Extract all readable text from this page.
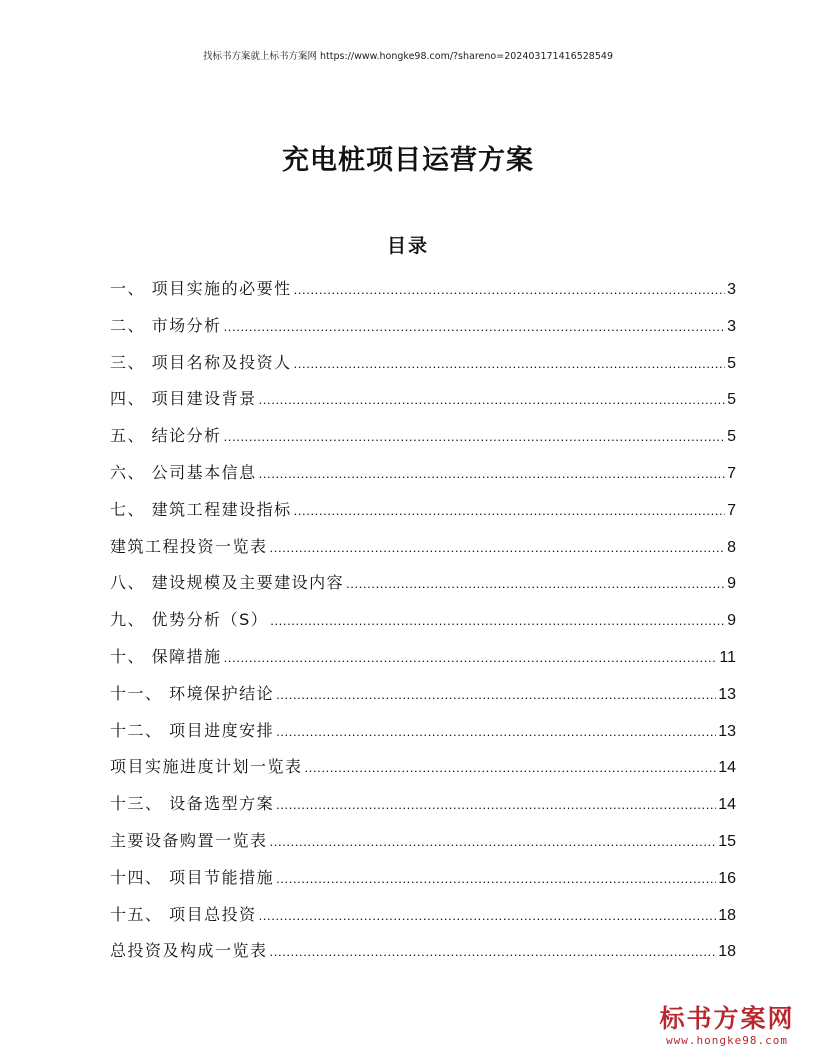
找标书方案就上标书方案网 https://www.hongke98.com/?shareno=20240317141652​8549
充电桩项目运营方案
目录
一、 项目实施的必要性 .....	3
二、 市场分析 .....	3
三、 项目名称及投资人 .....	5
四、 项目建设背景 .....	5
五、 结论分析 .....	5
六、 公司基本信息 .....	7
七、 建筑工程建设指标 .....	7
建筑工程投资一览表 .....	8
八、 建设规模及主要建设内容 .....	9
九、 优势分析（S） .....	9
十、 保障措施 .....	11
十一、 环境保护结论 .....	13
十二、 项目进度安排 .....	13
项目实施进度计划一览表 .....	14
十三、 设备选型方案 .....	14
主要设备购置一览表 .....	15
十四、 项目节能措施 .....	16
十五、 项目总投资 .....	18
总投资及构成一览表 .....	18
标书方案网
www.hongke98.com
